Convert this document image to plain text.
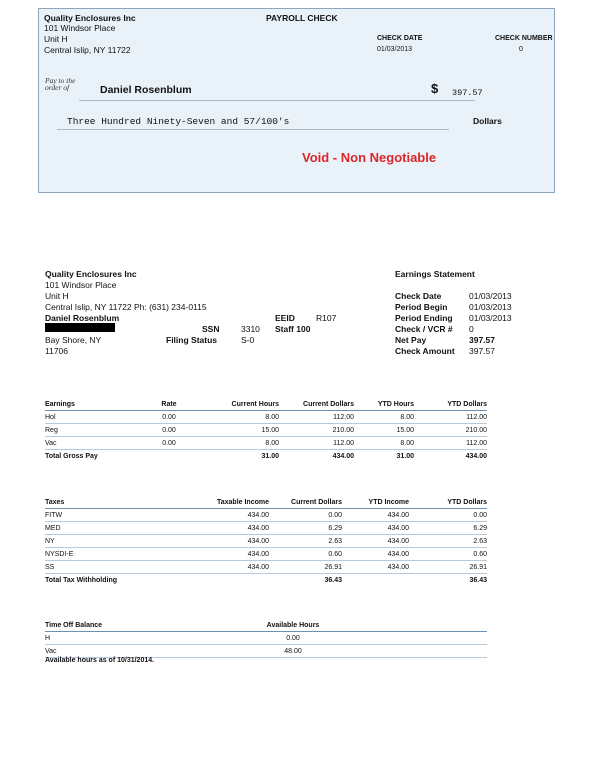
Quality Enclosures Inc
101 Windsor Place
Unit H
Central Islip, NY 11722
PAYROLL CHECK
CHECK DATE
01/03/2013
CHECK NUMBER
0
Pay to the
order of	Daniel Rosenblum	$ 397.57
Three Hundred Ninety-Seven and 57/100's	Dollars
Void - Non Negotiable
Quality Enclosures Inc
101 Windsor Place
Unit H
Central Islip, NY 11722 Ph: (631) 234-0115
Daniel Rosenblum
Bay Shore, NY
11706
EEID R107
SSN	3310 Staff 100
Filing Status	S-0
Earnings Statement
Check Date	01/03/2013
Period Begin	01/03/2013
Period Ending 01/03/2013
Check / VCR # 0
Net Pay	397.57
Check Amount 397.57
Earnings	Rate	Current Hours	Current Dollars	YTD Hours	YTD Dollars
Hol	0.00	8.00	112.00	8.00	112.00
Reg	0.00	15.00	210.00	15.00	210.00
Vac	0.00	8.00	112.00	8.00	112.00
Total Gross Pay		31.00	434.00	31.00	434.00
Taxes	Taxable Income	Current Dollars	YTD Income	YTD Dollars
FITW	434.00	0.00	434.00	0.00
MED	434.00	6.29	434.00	6.29
NY	434.00	2.63	434.00	2.63
NYSDI-E	434.00	0.60	434.00	0.60
SS	434.00	26.91	434.00	26.91
Total Tax Withholding		36.43		36.43
Time Off Balance	Available Hours	
H	0.00	
Vac	48.00	
Available hours as of 10/31/2014.
